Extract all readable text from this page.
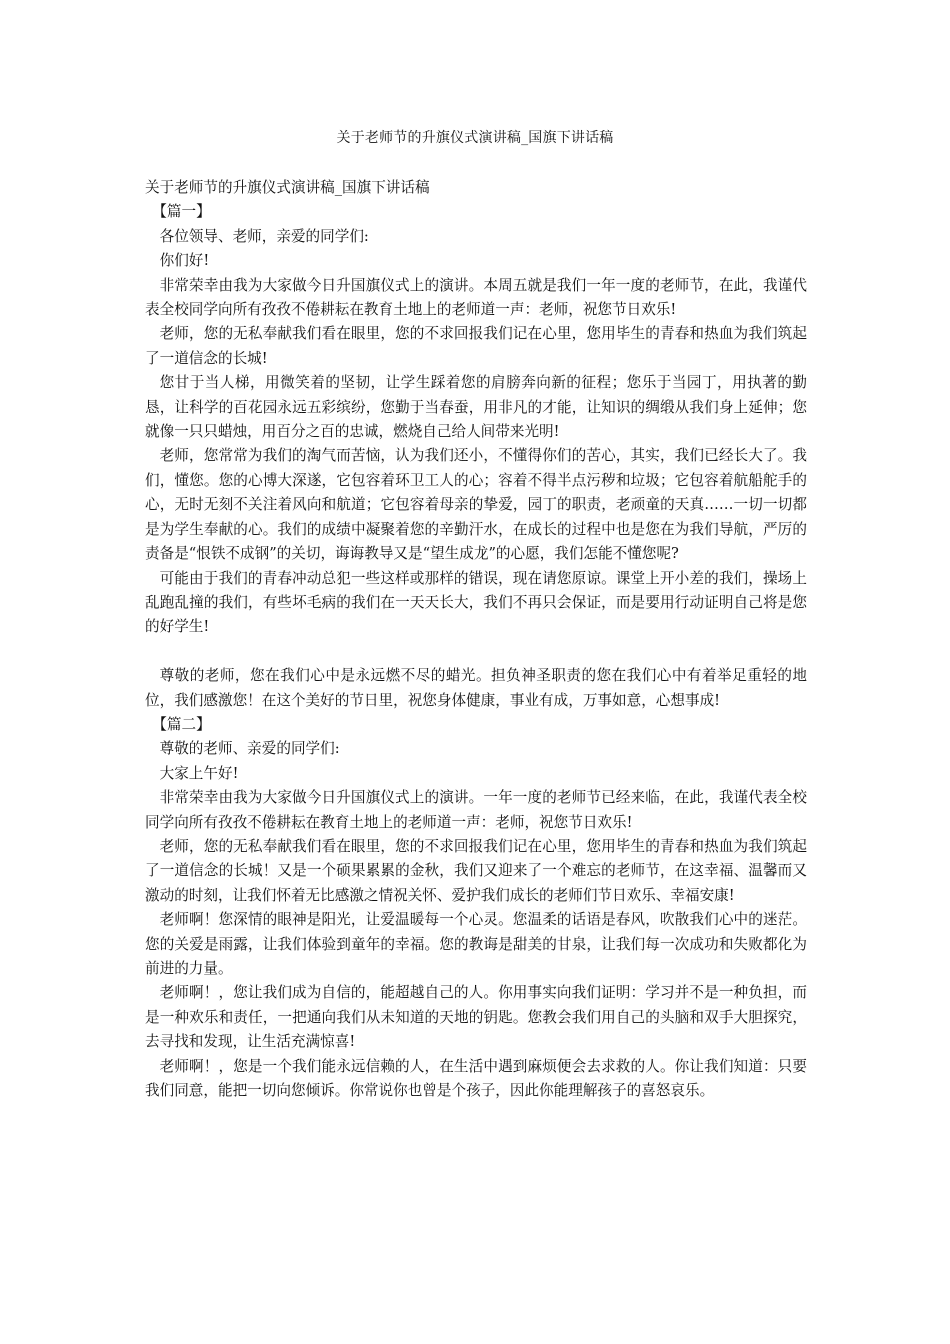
关于老师节的升旗仪式演讲稿_国旗下讲话稿

关于老师节的升旗仪式演讲稿_国旗下讲话稿

【篇一】

各位领导、老师，亲爱的同学们:

你们好!

非常荣幸由我为大家做今日升国旗仪式上的演讲。本周五就是我们一年一度的老师节，在此，我谨代表全校同学向所有孜孜不倦耕耘在教育土地上的老师道一声：老师，祝您节日欢乐!

老师，您的无私奉献我们看在眼里，您的不求回报我们记在心里，您用毕生的青春和热血为我们筑起了一道信念的长城!

您甘于当人梯，用微笑着的坚韧，让学生踩着您的肩膀奔向新的征程；您乐于当园丁，用执著的勤恳，让科学的百花园永远五彩缤纷，您勤于当春蚕，用非凡的才能，让知识的绸缎从我们身上延伸；您就像一只只蜡烛，用百分之百的忠诚，燃烧自己给人间带来光明!

老师，您常常为我们的淘气而苦恼，认为我们还小，不懂得你们的苦心，其实，我们已经长大了。我们，懂您。您的心博大深遂，它包容着环卫工人的心；容着不得半点污秽和垃圾；它包容着航船舵手的心，无时无刻不关注着风向和航道；它包容着母亲的挚爱，园丁的职责，老顽童的天真……一切一切都是为学生奉献的心。我们的成绩中凝聚着您的辛勤汗水，在成长的过程中也是您在为我们导航，严厉的责备是“恨铁不成钢”的关切，诲诲教导又是“望生成龙”的心愿，我们怎能不懂您呢?

可能由于我们的青春冲动总犯一些这样或那样的错误，现在请您原谅。课堂上开小差的我们，操场上乱跑乱撞的我们，有些坏毛病的我们在一天天长大，我们不再只会保证，而是要用行动证明自己将是您的好学生!

尊敬的老师，您在我们心中是永远燃不尽的蜡光。担负神圣职责的您在我们心中有着举足重轻的地位，我们感激您！在这个美好的节日里，祝您身体健康，事业有成，万事如意，心想事成!

【篇二】

尊敬的老师、亲爱的同学们:

大家上午好!

非常荣幸由我为大家做今日升国旗仪式上的演讲。一年一度的老师节已经来临，在此，我谨代表全校同学向所有孜孜不倦耕耘在教育土地上的老师道一声：老师，祝您节日欢乐!

老师，您的无私奉献我们看在眼里，您的不求回报我们记在心里，您用毕生的青春和热血为我们筑起了一道信念的长城！又是一个硕果累累的金秋，我们又迎来了一个难忘的老师节，在这幸福、温馨而又激动的时刻，让我们怀着无比感激之情祝关怀、爱护我们成长的老师们节日欢乐、幸福安康!

老师啊！您深情的眼神是阳光，让爱温暖每一个心灵。您温柔的话语是春风，吹散我们心中的迷茫。您的关爱是雨露，让我们体验到童年的幸福。您的教诲是甜美的甘泉，让我们每一次成功和失败都化为前进的力量。

老师啊！，您让我们成为自信的，能超越自己的人。你用事实向我们证明：学习并不是一种负担，而是一种欢乐和责任，一把通向我们从未知道的天地的钥匙。您教会我们用自己的头脑和双手大胆探究，去寻找和发现，让生活充满惊喜!

老师啊！，您是一个我们能永远信赖的人，在生活中遇到麻烦便会去求救的人。你让我们知道：只要我们同意，能把一切向您倾诉。你常说你也曾是个孩子，因此你能理解孩子的喜怒哀乐。
